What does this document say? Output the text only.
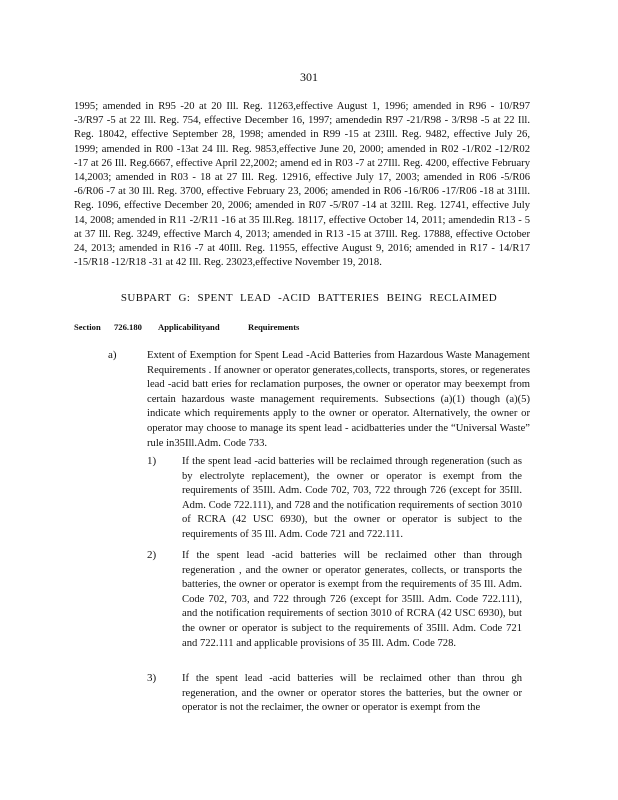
301

1995; amended in R95 -20 at 20 Ill. Reg. 11263,effective August 1, 1996; amended in R96 - 10/R97 -3/R97 -5 at 22 Ill. Reg. 754, effective December 16, 1997; amendedin R97 -21/R98 - 3/R98 -5 at 22 Ill. Reg. 18042, effective September 28, 1998; amended in R99 -15 at 23Ill. Reg. 9482, effective July 26, 1999; amended in R00 -13at 24 Ill. Reg. 9853,effective June 20, 2000; amended in R02 -1/R02 -12/R02 -17 at 26 Ill. Reg.6667, effective April 22,2002; amend ed in R03 -7 at 27Ill. Reg. 4200, effective February 14,2003; amended in R03 - 18 at 27 Ill. Reg. 12916, effective July 17, 2003; amended in R06 -5/R06 -6/R06 -7 at 30 Ill. Reg. 3700, effective February 23, 2006; amended in R06 -16/R06 -17/R06 -18 at 31Ill. Reg. 1096, effective December 20, 2006; amended in R07 -5/R07 -14 at 32Ill. Reg. 12741, effective July 14, 2008; amended in R11 -2/R11 -16 at 35 Ill.Reg. 18117, effective October 14, 2011; amendedin R13 - 5 at 37 Ill. Reg. 3249, effective March 4, 2013; amended in R13 -15 at 37Ill. Reg. 17888, effective October 24, 2013; amended in R16 -7 at 40Ill. Reg. 11955, effective August 9, 2016; amended in R17 - 14/R17 -15/R18 -12/R18 -31 at 42 Ill. Reg. 23023,effective November 19, 2018.

SUBPART G: SPENT LEAD -ACID BATTERIES BEING RECLAIMED
Section 726.180 Applicabilityand	Requirements
a)	Extent of Exemption for Spent Lead -Acid Batteries from Hazardous Waste Management Requirements . If anowner or operator generates,collects, transports, stores, or regenerates lead -acid batt eries for reclamation purposes, the owner or operator may beexempt from certain hazardous waste management requirements. Subsections (a)(1) though (a)(5) indicate which requirements apply to the owner or operator. Alternatively, the owner or operator may choose to manage its spent lead - acidbatteries under the “Universal Waste” rule in35Ill.Adm. Code 733.

1) If the spent lead -acid batteries will be reclaimed through regeneration (such as by electrolyte replacement), the owner or operator is exempt from the requirements of 35Ill. Adm. Code 702, 703, 722 through 726 (except for 35Ill. Adm. Code 722.111), and 728 and the notification requirements of section 3010 of RCRA (42 USC 6930), but the owner or operator is subject to the requirements of 35 Ill. Adm. Code 721 and 722.111.

2) If the spent lead -acid batteries will be reclaimed other than through regeneration , and the owner or operator generates, collects, or transports the batteries, the owner or operator is exempt from the requirements of 35 Ill. Adm. Code 702, 703, and 722 through 726 (except for 35Ill. Adm. Code 722.111), and the notification requirements of section 3010 of RCRA (42 USC 6930), but the owner or operator is subject to the requirements of 35Ill. Adm. Code 721 and 722.111 and applicable provisions of 35 Ill. Adm. Code 728.

3) If the spent lead -acid batteries will be reclaimed other than throu gh regeneration, and the owner or operator stores the batteries, but the owner or operator is not the reclaimer, the owner or operator is exempt from the
